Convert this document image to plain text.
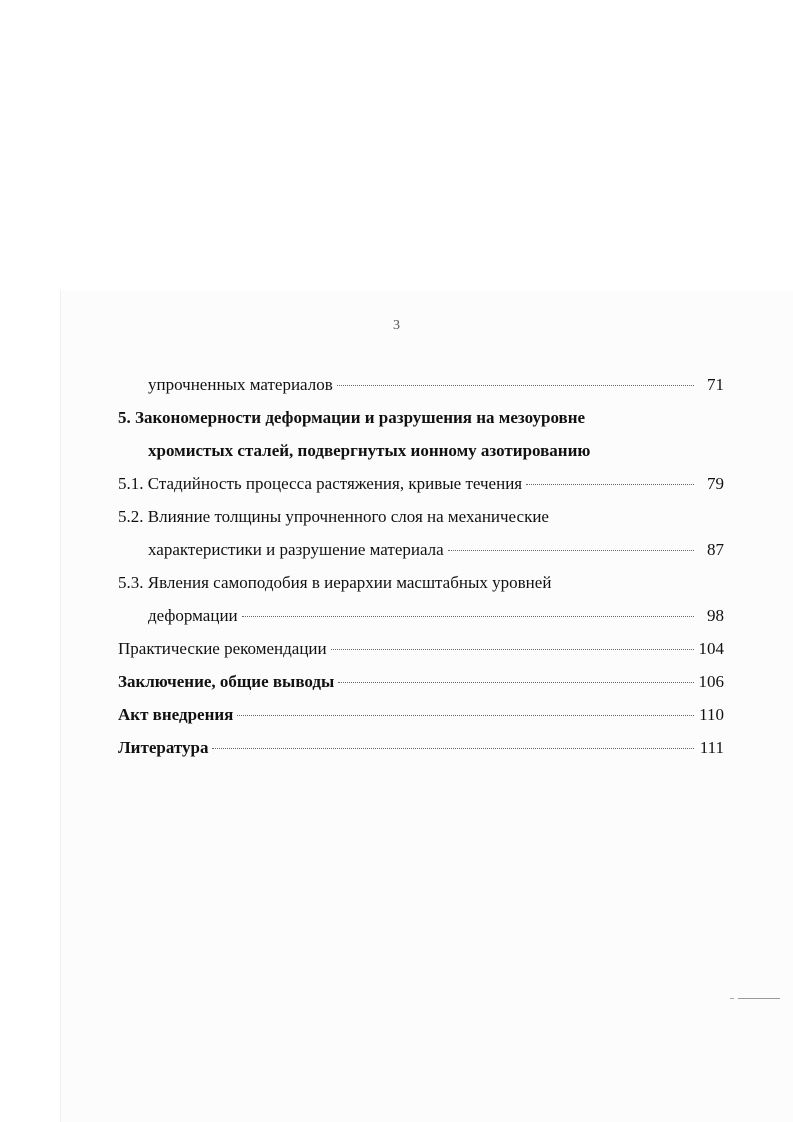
3
упрочненных материалов	71
5. Закономерности деформации и разрушения на мезоуровне
хромистых сталей, подвергнутых ионному азотированию
5.1. Стадийность процесса растяжения, кривые течения	79
5.2. Влияние толщины упрочненного слоя на механические
характеристики и разрушение материала	87
5.3. Явления самоподобия в иерархии масштабных уровней
деформации	98
Практические рекомендации	104
Заключение, общие выводы	106
Акт внедрения	110
Литература	111
